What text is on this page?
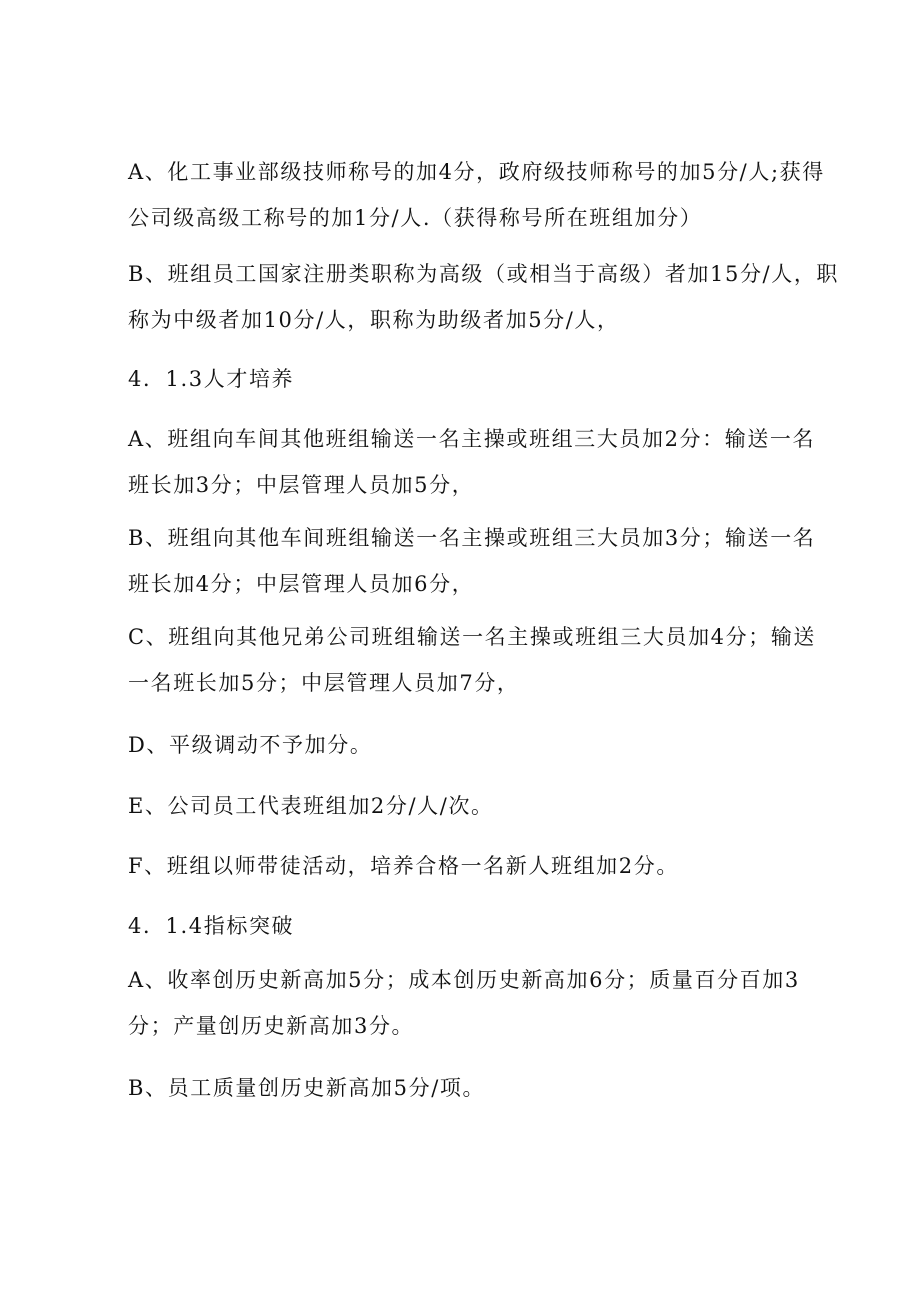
A、化工事业部级技师称号的加4分，政府级技师称号的加5分/人;获得
公司级高级工称号的加1分/人.（获得称号所在班组加分）
B、班组员工国家注册类职称为高级（或相当于高级）者加15分/人，职
称为中级者加10分/人，职称为助级者加5分/人，
4．1.3人才培养
A、班组向车间其他班组输送一名主操或班组三大员加2分：输送一名
班长加3分；中层管理人员加5分，
B、班组向其他车间班组输送一名主操或班组三大员加3分；输送一名
班长加4分；中层管理人员加6分，
C、班组向其他兄弟公司班组输送一名主操或班组三大员加4分；输送
一名班长加5分；中层管理人员加7分，
D、平级调动不予加分。
E、公司员工代表班组加2分/人/次。
F、班组以师带徒活动，培养合格一名新人班组加2分。
4．1.4指标突破
A、收率创历史新高加5分；成本创历史新高加6分；质量百分百加3
分；产量创历史新高加3分。
B、员工质量创历史新高加5分/项。
